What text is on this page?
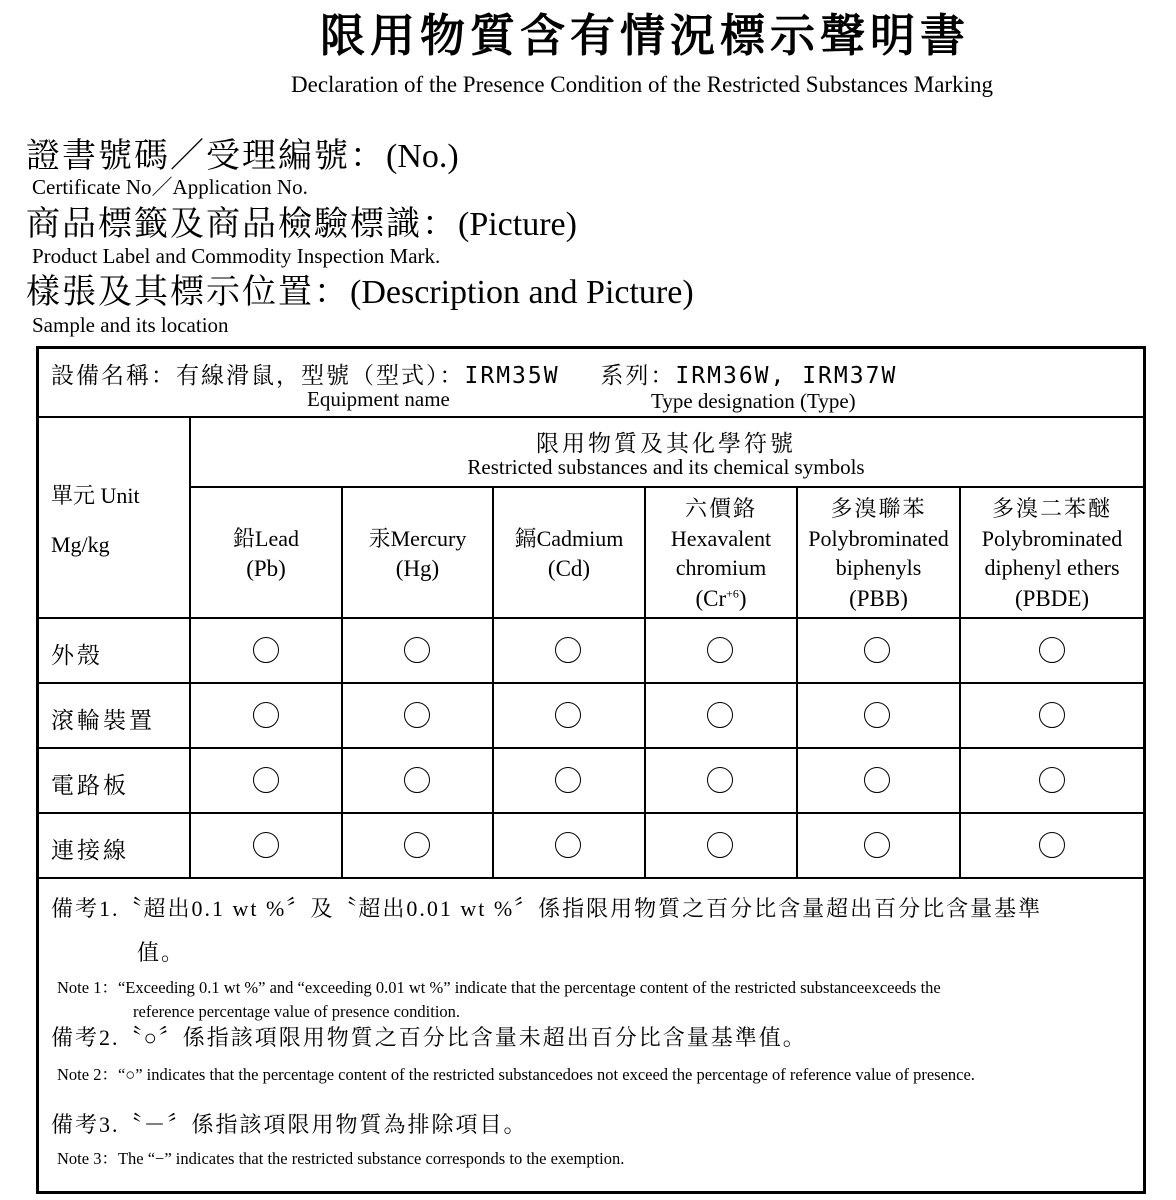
限用物質含有情況標示聲明書
Declaration of the Presence Condition of the Restricted Substances Marking
證書號碼／受理編號：(No.)
Certificate No／Application No.
商品標籤及商品檢驗標識：(Picture)
Product Label and Commodity Inspection Mark.
樣張及其標示位置：(Description and Picture)
Sample and its location
設備名稱：有線滑鼠，型號（型式）：IRM35W　 系列：IRM36W, IRM37W
Equipment name	Type designation (Type)
單元 Unit
Mg/kg
限用物質及其化學符號
Restricted substances and its chemical symbols
鉛Lead
(Pb)
汞Mercury
(Hg)
鎘Cadmium
(Cd)
六價鉻
Hexavalent
chromium
$(Cr^{+6})$
多溴聯苯
Polybrominated
biphenyls
(PBB)
多溴二苯醚
Polybrominated
diphenyl ethers
(PBDE)
外殼
滾輪裝置
電路板
連接線
備考1.〝超出0.1 wt %〞及〝超出0.01 wt %〞係指限用物質之百分比含量超出百分比含量基準
值。
Note 1：“Exceeding 0.1 wt %” and “exceeding 0.01 wt %” indicate that the percentage content of the restricted substanceexceeds the
reference percentage value of presence condition.
備考2.〝○〞係指該項限用物質之百分比含量未超出百分比含量基準值。
Note 2：“○” indicates that the percentage content of the restricted substancedoes not exceed the percentage of reference value of presence.
備考3.〝－〞係指該項限用物質為排除項目。
Note 3：The “−” indicates that the restricted substance corresponds to the exemption.
